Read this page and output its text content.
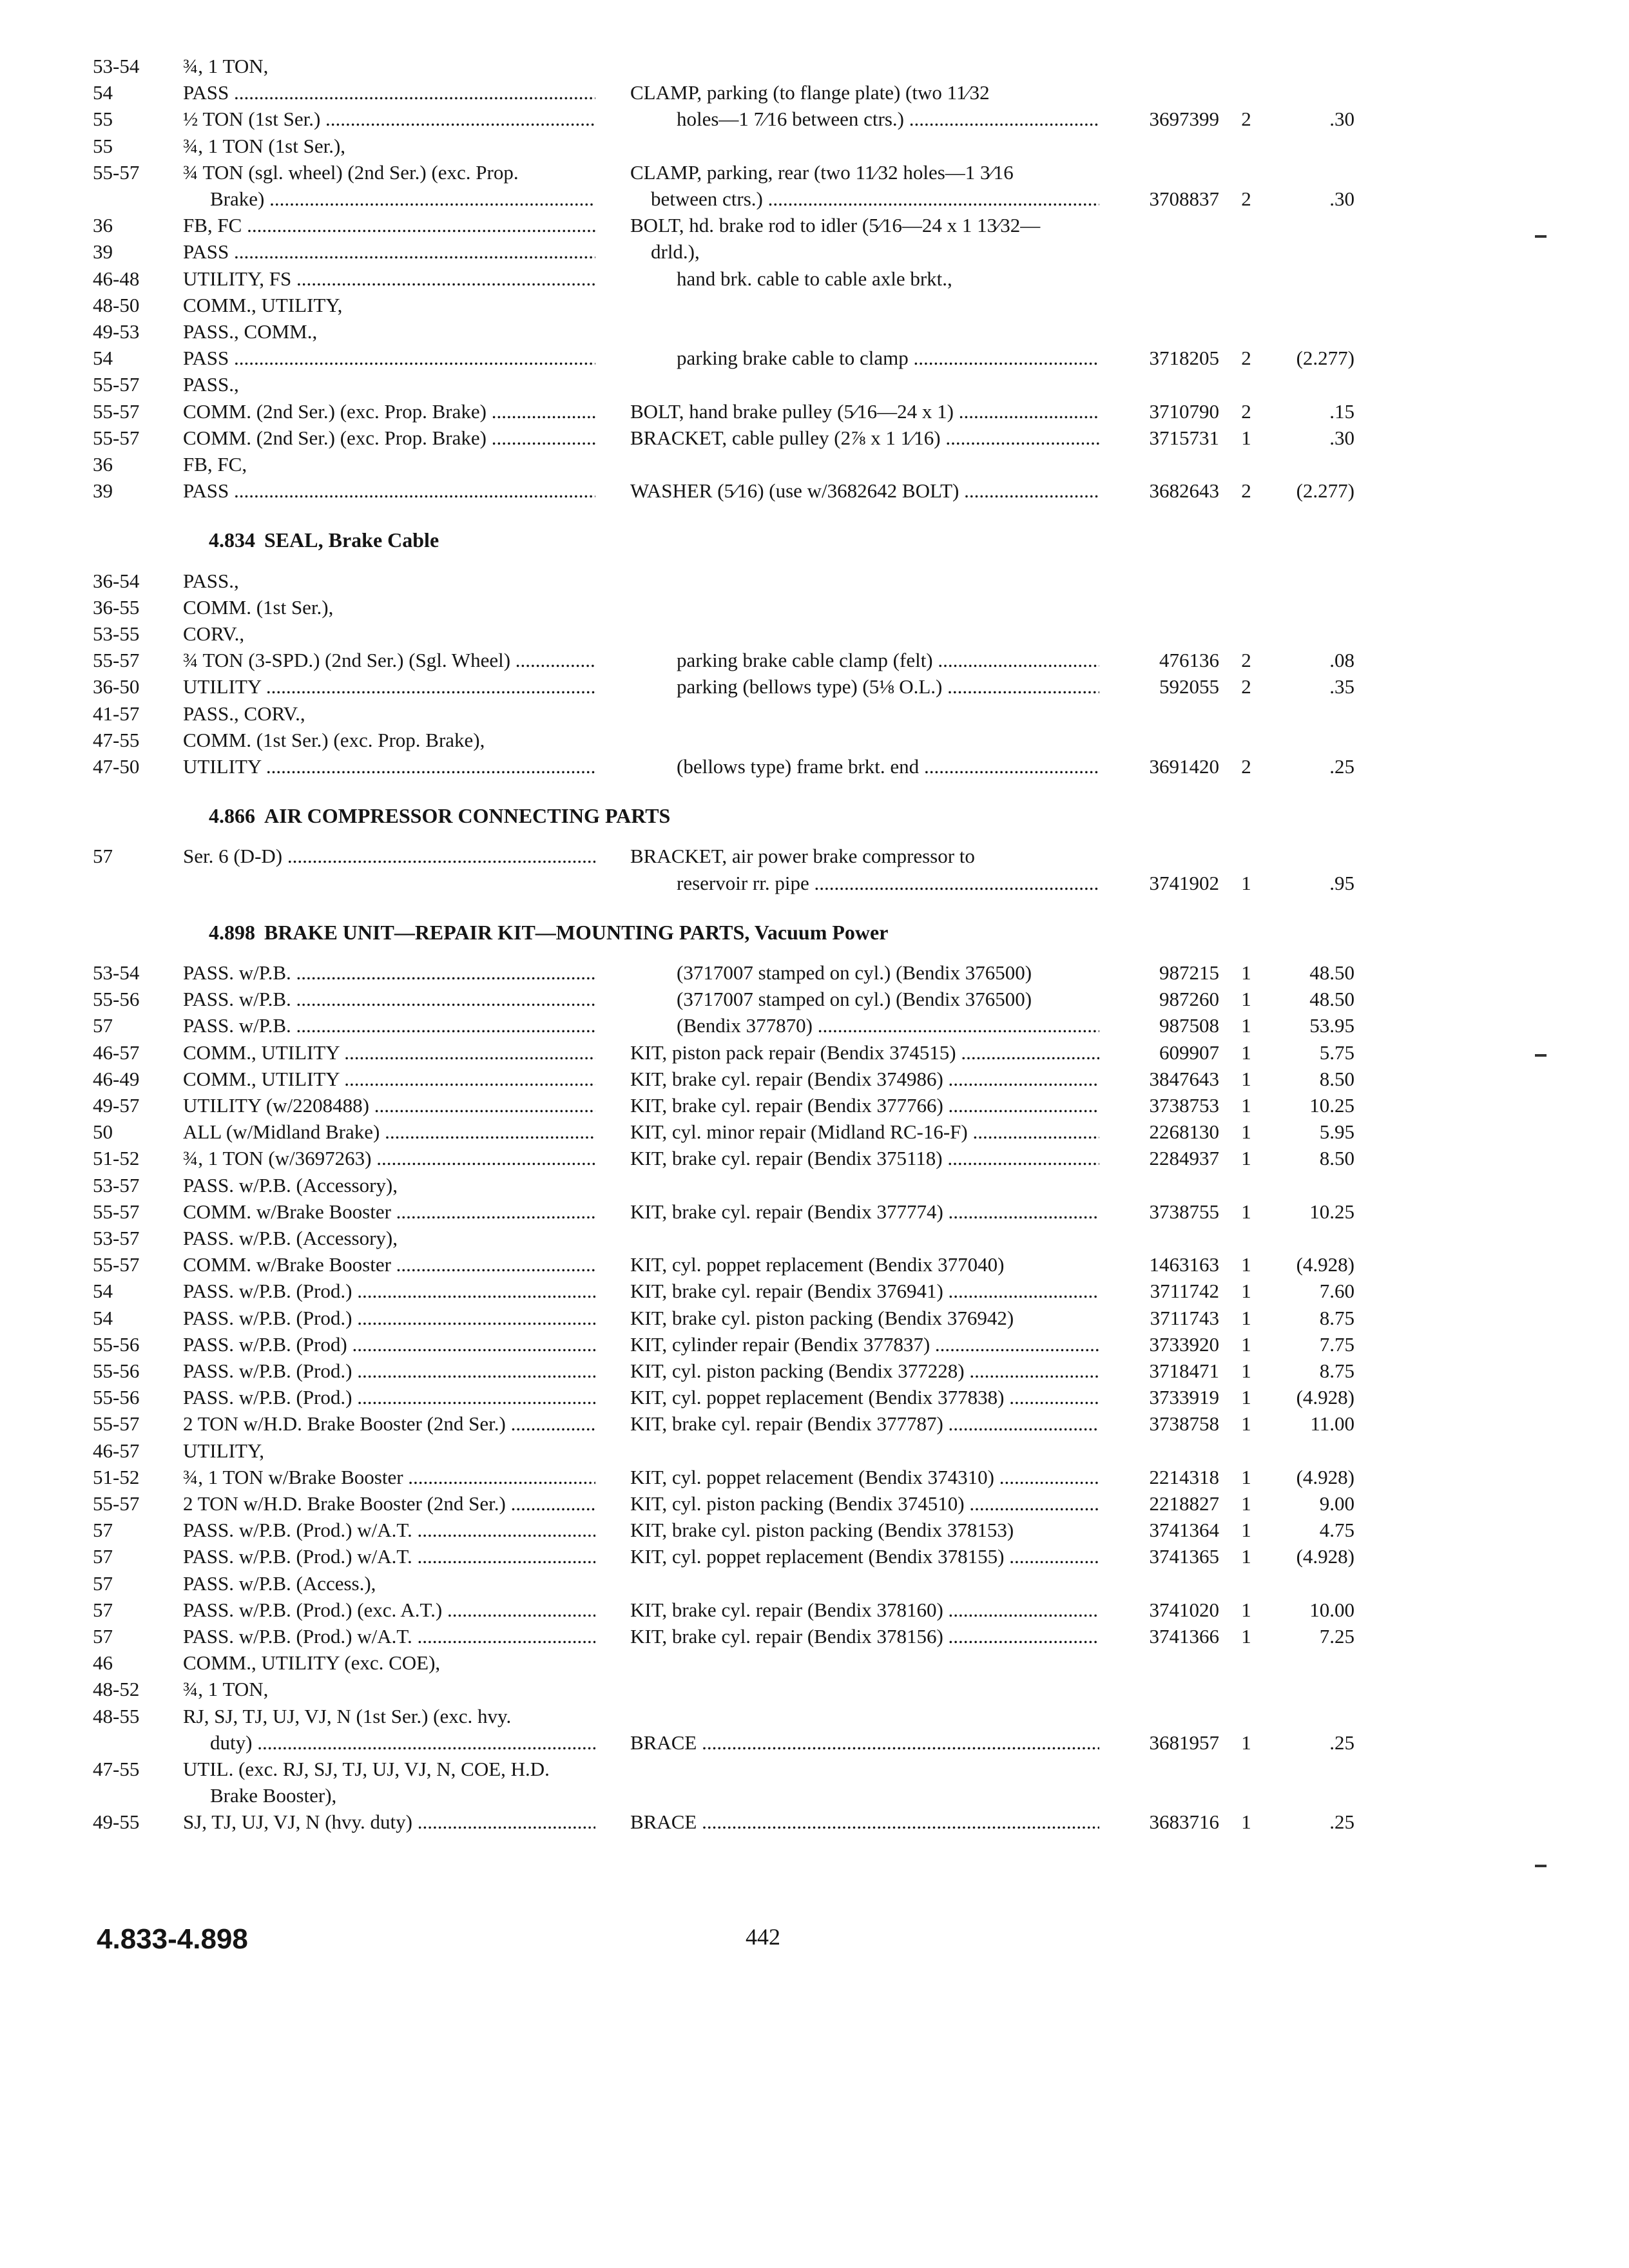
53-54 ¾, 1 TON,
54	PASS .....	CLAMP, parking (to flange plate) (two 11⁄32
55	½ TON (1st Ser.) .....	holes—1 7⁄16 between ctrs.) .....	3697399	2	.30
55	¾, 1 TON (1st Ser.),
55-57 ¾ TON (sgl. wheel) (2nd Ser.) (exc. Prop.	CLAMP, parking, rear (two 11⁄32 holes—1 3⁄16
Brake) .....	between ctrs.) .....	3708837	2	.30
36	FB, FC .....	BOLT, hd. brake rod to idler (5⁄16—24 x 1 13⁄32—
39	PASS .....	drld.),
46-48 UTILITY, FS .....	hand brk. cable to cable axle brkt.,
48-50 COMM., UTILITY,
49-53 PASS., COMM.,
54	PASS .....	parking brake cable to clamp .....	3718205	2	(2.277)
55-57 PASS.,
55-57 COMM. (2nd Ser.) (exc. Prop. Brake) .....	BOLT, hand brake pulley (5⁄16—24 x 1) .....	3710790	2	.15
55-57 COMM. (2nd Ser.) (exc. Prop. Brake) .....	BRACKET, cable pulley (2⅞ x 1 1⁄16) .....	3715731	1	.30
36	FB, FC,
39	PASS .....	WASHER (5⁄16) (use w/3682642 BOLT) .....	3682643	2	(2.277)
4.834 SEAL, Brake Cable
36-54 PASS.,
36-55 COMM. (1st Ser.),
53-55 CORV.,
55-57 ¾ TON (3-SPD.) (2nd Ser.) (Sgl. Wheel) .....	parking brake cable clamp (felt) .....	476136	2	.08
36-50 UTILITY .....	parking (bellows type) (5⅛ O.L.) .....	592055	2	.35
41-57 PASS., CORV.,
47-55 COMM. (1st Ser.) (exc. Prop. Brake),
47-50 UTILITY .....	(bellows type) frame brkt. end .....	3691420	2	.25
4.866 AIR COMPRESSOR CONNECTING PARTS
57	Ser. 6 (D-D) .....	BRACKET, air power brake compressor to
reservoir rr. pipe .....	3741902	1	.95
4.898 BRAKE UNIT—REPAIR KIT—MOUNTING PARTS, Vacuum Power
53-54 PASS. w/P.B. .....	(3717007 stamped on cyl.) (Bendix 376500)	987215	1	48.50
55-56 PASS. w/P.B. .....	(3717007 stamped on cyl.) (Bendix 376500)	987260	1	48.50
57	PASS. w/P.B. .....	(Bendix 377870) .....	987508	1	53.95
46-57 COMM., UTILITY .....	KIT, piston pack repair (Bendix 374515) .....	609907	1	5.75
46-49 COMM., UTILITY .....	KIT, brake cyl. repair (Bendix 374986) .....	3847643	1	8.50
49-57 UTILITY (w/2208488) .....	KIT, brake cyl. repair (Bendix 377766) .....	3738753	1	10.25
50	ALL (w/Midland Brake) .....	KIT, cyl. minor repair (Midland RC-16-F) .....	2268130	1	5.95
51-52 ¾, 1 TON (w/3697263) .....	KIT, brake cyl. repair (Bendix 375118) .....	2284937	1	8.50
53-57 PASS. w/P.B. (Accessory),
55-57 COMM. w/Brake Booster .....	KIT, brake cyl. repair (Bendix 377774) .....	3738755	1	10.25
53-57 PASS. w/P.B. (Accessory),
55-57 COMM. w/Brake Booster .....	KIT, cyl. poppet replacement (Bendix 377040)	1463163	1	(4.928)
54	PASS. w/P.B. (Prod.) .....	KIT, brake cyl. repair (Bendix 376941) .....	3711742	1	7.60
54	PASS. w/P.B. (Prod.) .....	KIT, brake cyl. piston packing (Bendix 376942)	3711743	1	8.75
55-56 PASS. w/P.B. (Prod) .....	KIT, cylinder repair (Bendix 377837) .....	3733920	1	7.75
55-56 PASS. w/P.B. (Prod.) .....	KIT, cyl. piston packing (Bendix 377228) .....	3718471	1	8.75
55-56 PASS. w/P.B. (Prod.) .....	KIT, cyl. poppet replacement (Bendix 377838) .....	3733919	1	(4.928)
55-57 2 TON w/H.D. Brake Booster (2nd Ser.) .....	KIT, brake cyl. repair (Bendix 377787) .....	3738758	1	11.00
46-57 UTILITY,
51-52 ¾, 1 TON w/Brake Booster .....	KIT, cyl. poppet relacement (Bendix 374310) .....	2214318	1	(4.928)
55-57 2 TON w/H.D. Brake Booster (2nd Ser.) .....	KIT, cyl. piston packing (Bendix 374510) .....	2218827	1	9.00
57	PASS. w/P.B. (Prod.) w/A.T. .....	KIT, brake cyl. piston packing (Bendix 378153)	3741364	1	4.75
57	PASS. w/P.B. (Prod.) w/A.T. .....	KIT, cyl. poppet replacement (Bendix 378155) .....	3741365	1	(4.928)
57	PASS. w/P.B. (Access.),
57	PASS. w/P.B. (Prod.) (exc. A.T.) .....	KIT, brake cyl. repair (Bendix 378160) .....	3741020	1	10.00
57	PASS. w/P.B. (Prod.) w/A.T. .....	KIT, brake cyl. repair (Bendix 378156) .....	3741366	1	7.25
46	COMM., UTILITY (exc. COE),
48-52 ¾, 1 TON,
48-55 RJ, SJ, TJ, UJ, VJ, N (1st Ser.) (exc. hvy.
duty) .....	BRACE .....	3681957	1	.25
47-55 UTIL. (exc. RJ, SJ, TJ, UJ, VJ, N, COE, H.D.
Brake Booster),
49-55 SJ, TJ, UJ, VJ, N (hvy. duty) .....	BRACE .....	3683716	1	.25
4.833-4.898	442
